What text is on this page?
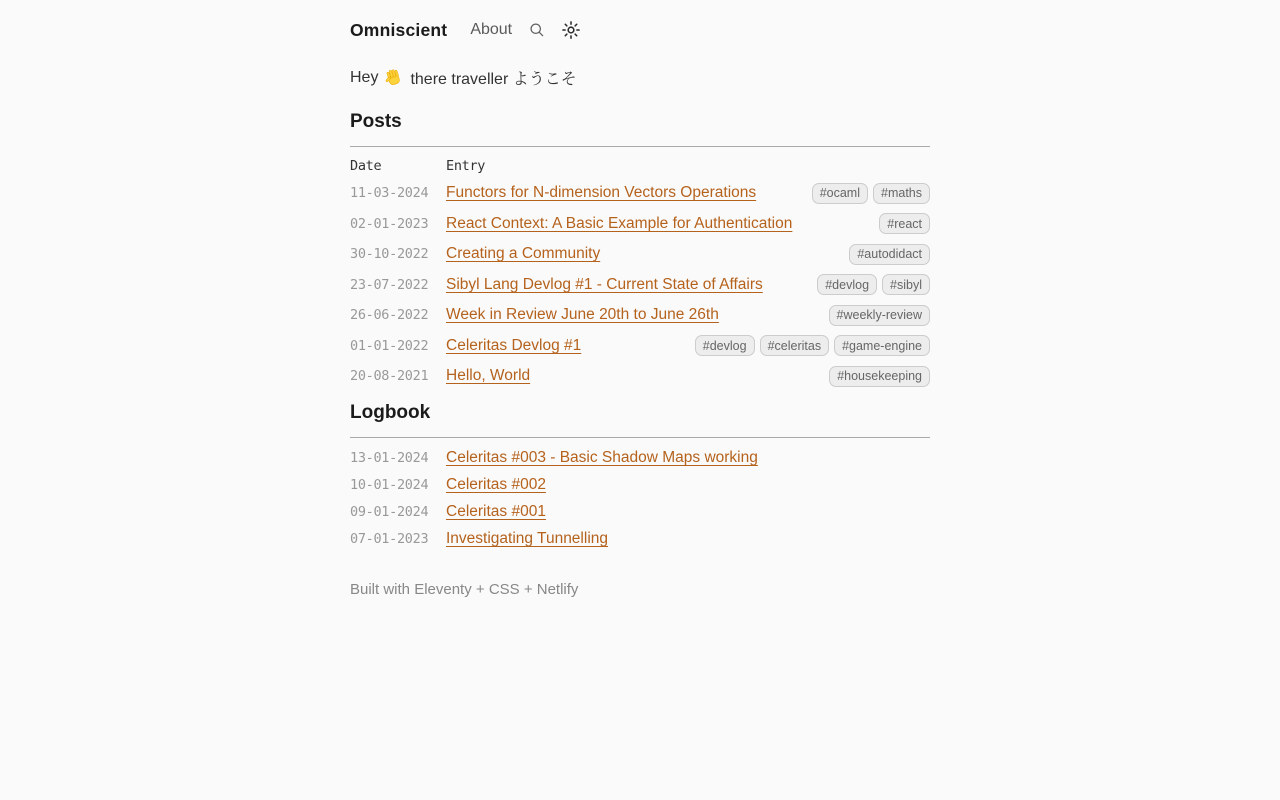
Omniscient	About

Hey there traveller ようこそ

Posts
Date	Entry
11-03-2024	Functors for N-dimension Vectors Operations	#ocaml	#maths
02-01-2023	React Context: A Basic Example for Authentication	#react
30-10-2022	Creating a Community	#autodidact
23-07-2022	Sibyl Lang Devlog #1 - Current State of Affairs	#devlog	#sibyl
26-06-2022	Week in Review June 20th to June 26th	#weekly-review
01-01-2022	Celeritas Devlog #1	#devlog	#celeritas	#game-engine
20-08-2021	Hello, World	#housekeeping
Logbook
13-01-2024	Celeritas #003 - Basic Shadow Maps working
10-01-2024	Celeritas #002
09-01-2024	Celeritas #001
07-01-2023	Investigating Tunnelling
Built with Eleventy + CSS + Netlify
